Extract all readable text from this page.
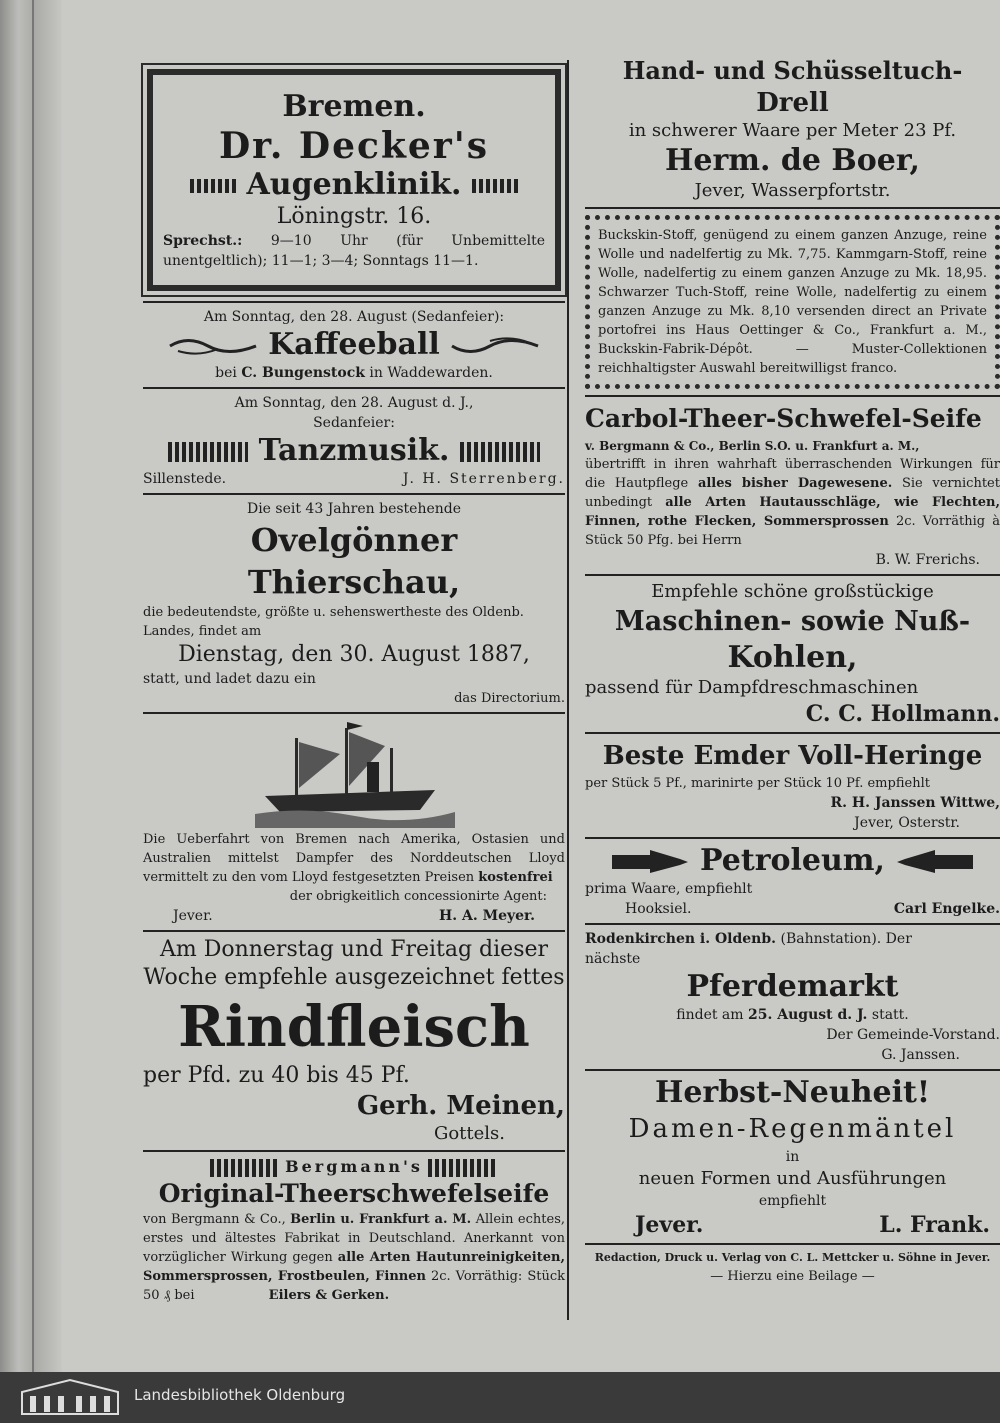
Bremen.
Dr. Decker's
Augenklinik.
Löningstr. 16.
Sprechst.: 9—10 Uhr (für Unbemittelte unentgeltlich); 11—1; 3—4; Sonntags 11—1.
Am Sonntag, den 28. August (Sedanfeier):
Kaffeeball
bei C. Bungenstock in Waddewarden.
Am Sonntag, den 28. August d. J.,
Sedanfeier:
Tanzmusik.
Sillenstede.	J. H. Sterrenberg.
Die seit 43 Jahren bestehende
Ovelgönner Thierschau,
die bedeutendste, größte u. sehenswertheste des Oldenb. Landes, findet am
Dienstag, den 30. August 1887,
statt, und ladet dazu ein
das Directorium.
Die Ueberfahrt von Bremen nach Amerika, Ostasien und Australien mittelst Dampfer des Norddeutschen Lloyd vermittelt zu den vom Lloyd festgesetzten Preisen kostenfrei
der obrigkeitlich concessionirte Agent:
Jever.	H. A. Meyer.
Am Donnerstag und Freitag dieser
Woche empfehle ausgezeichnet fettes
Rindfleisch
per Pfd. zu 40 bis 45 Pf.
Gerh. Meinen,
Gottels.
Bergmann's
Original-Theerschwefelseife
von Bergmann & Co., Berlin u. Frankfurt a. M. Allein echtes, erstes und ältestes Fabrikat in Deutschland. Anerkannt von vorzüglicher Wirkung gegen alle Arten Hautunreinigkeiten, Sommersprossen, Frostbeulen, Finnen 2c. Vorräthig: Stück 50 ₰ bei	Eilers & Gerken.
Hand- und Schüsseltuch-
Drell
in schwerer Waare per Meter 23 Pf.
Herm. de Boer,
Jever, Wasserpfortstr.
Buckskin-Stoff, genügend zu einem ganzen Anzuge, reine Wolle und nadelfertig zu Mk. 7,75. Kammgarn-Stoff, reine Wolle, nadelfertig zu einem ganzen Anzuge zu Mk. 18,95. Schwarzer Tuch-Stoff, reine Wolle, nadelfertig zu einem ganzen Anzuge zu Mk. 8,10 versenden direct an Private portofrei ins Haus Oettinger & Co., Frankfurt a. M., Buckskin-Fabrik-Dépôt. — Muster-Collektionen reichhaltigster Auswahl bereitwilligst franco.
Carbol-Theer-Schwefel-Seife
v. Bergmann & Co., Berlin S.O. u. Frankfurt a. M.,
übertrifft in ihren wahrhaft überraschenden Wirkungen für die Hautpflege alles bisher Dagewesene. Sie vernichtet unbedingt alle Arten Hautausschläge, wie Flechten, Finnen, rothe Flecken, Sommersprossen 2c. Vorräthig à Stück 50 Pfg. bei Herrn
B. W. Frerichs.
Empfehle schöne großstückige
Maschinen- sowie Nuß-
Kohlen,
passend für Dampfdreschmaschinen
C. C. Hollmann.
Beste Emder Voll-Heringe
per Stück 5 Pf., marinirte per Stück 10 Pf. empfiehlt
R. H. Janssen Wittwe,
Jever, Osterstr.
Petroleum,
prima Waare, empfiehlt
Hooksiel.	Carl Engelke.
Rodenkirchen i. Oldenb. (Bahnstation). Der
nächste
Pferdemarkt
findet am 25. August d. J. statt.
Der Gemeinde-Vorstand.
G. Janssen.
Herbst-Neuheit!
Damen-Regenmäntel
in
neuen Formen und Ausführungen
empfiehlt
Jever.	L. Frank.
Redaction, Druck u. Verlag von C. L. Mettcker u. Söhne in Jever.
— Hierzu eine Beilage —
Landesbibliothek Oldenburg
